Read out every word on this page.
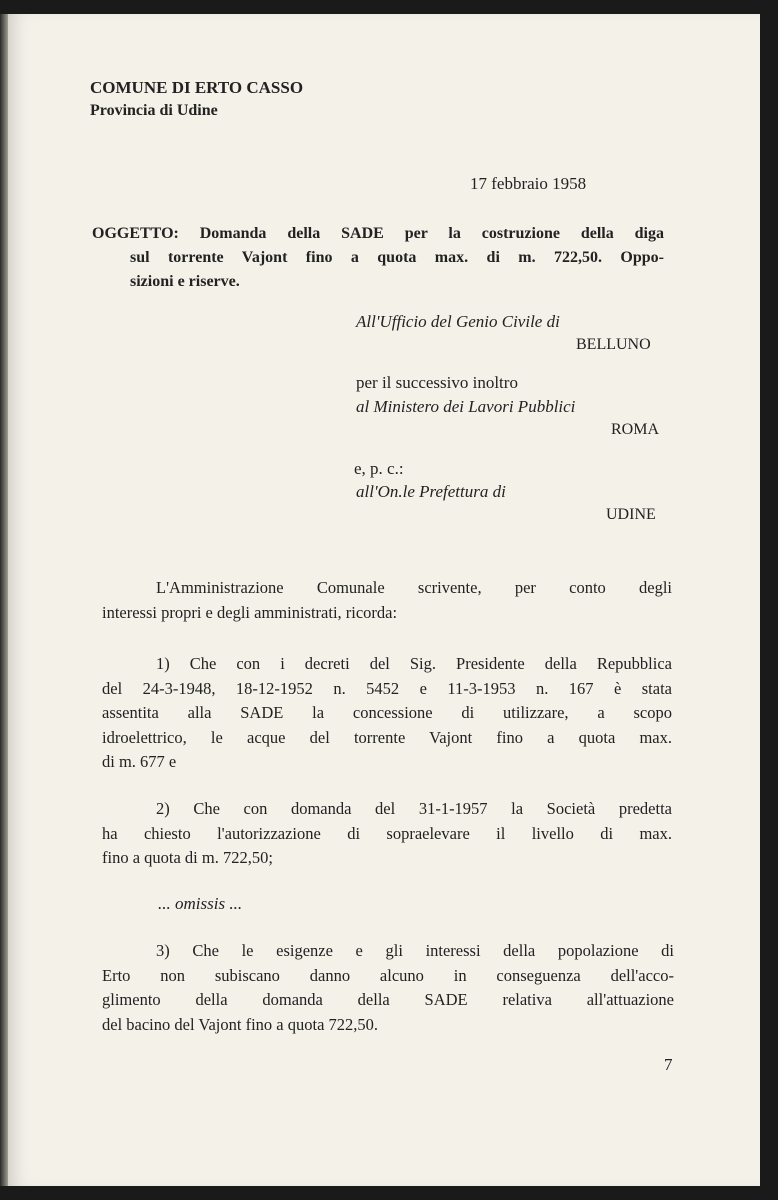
COMUNE DI ERTO CASSO
Provincia di Udine
17 febbraio 1958
OGGETTO: Domanda della SADE per la costruzione della diga
sul torrente Vajont fino a quota max. di m. 722,50. Oppo-
sizioni e riserve.
All'Ufficio del Genio Civile di
BELLUNO
per il successivo inoltro
al Ministero dei Lavori Pubblici
ROMA
e, p. c.:
all'On.le Prefettura di
UDINE
L'Amministrazione Comunale scrivente, per conto degli
interessi propri e degli amministrati, ricorda:
1) Che con i decreti del Sig. Presidente della Repubblica
del 24-3-1948, 18-12-1952 n. 5452 e 11-3-1953 n. 167 è stata
assentita alla SADE la concessione di utilizzare, a scopo
idroelettrico, le acque del torrente Vajont fino a quota max.
di m. 677 e
2) Che con domanda del 31-1-1957 la Società predetta
ha chiesto l'autorizzazione di sopraelevare il livello di max.
fino a quota di m. 722,50;
... omissis ...
3) Che le esigenze e gli interessi della popolazione di
Erto non subiscano danno alcuno in conseguenza dell'acco-
glimento della domanda della SADE relativa all'attuazione
del bacino del Vajont fino a quota 722,50.
7
